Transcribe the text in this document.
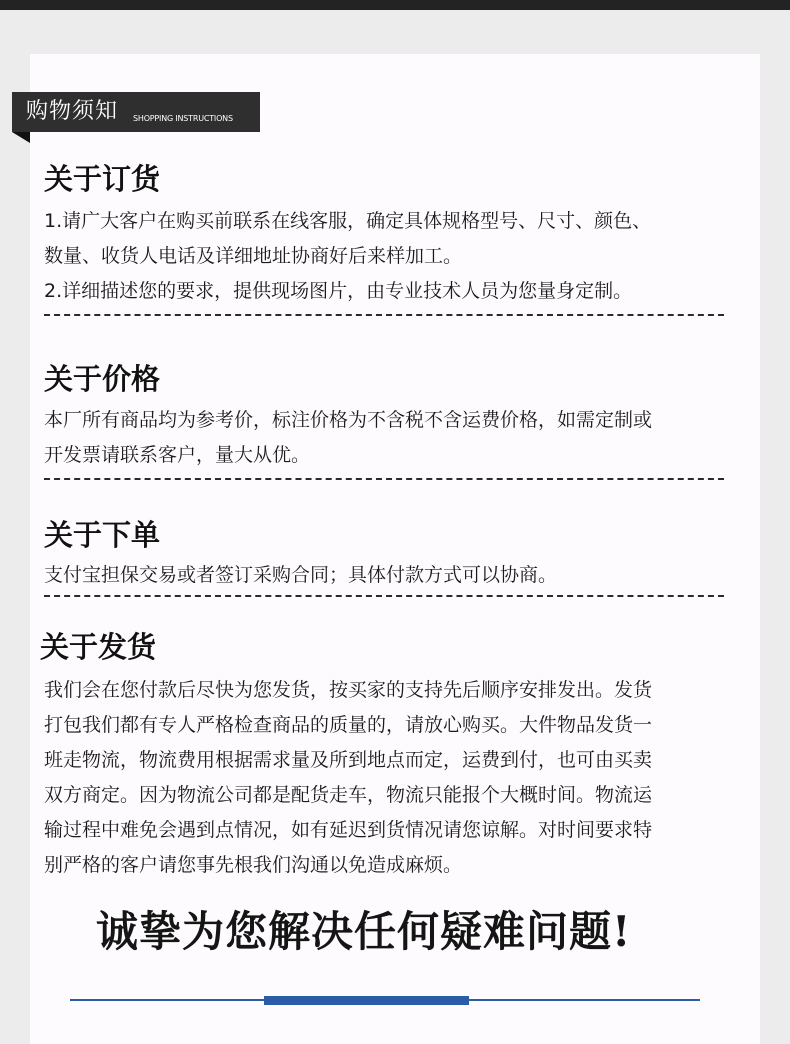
购物须知 SHOPPING INSTRUCTIONS
关于订货
1.请广大客户在购买前联系在线客服，确定具体规格型号、尺寸、颜色、
数量、收货人电话及详细地址协商好后来样加工。
2.详细描述您的要求，提供现场图片，由专业技术人员为您量身定制。
关于价格
本厂所有商品均为参考价，标注价格为不含税不含运费价格，如需定制或
开发票请联系客户，量大从优。
关于下单
支付宝担保交易或者签订采购合同；具体付款方式可以协商。
关于发货
我们会在您付款后尽快为您发货，按买家的支持先后顺序安排发出。发货
打包我们都有专人严格检查商品的质量的，请放心购买。大件物品发货一
班走物流，物流费用根据需求量及所到地点而定，运费到付，也可由买卖
双方商定。因为物流公司都是配货走车，物流只能报个大概时间。物流运
输过程中难免会遇到点情况，如有延迟到货情况请您谅解。对时间要求特
别严格的客户请您事先根我们沟通以免造成麻烦。
诚挚为您解决任何疑难问题!
